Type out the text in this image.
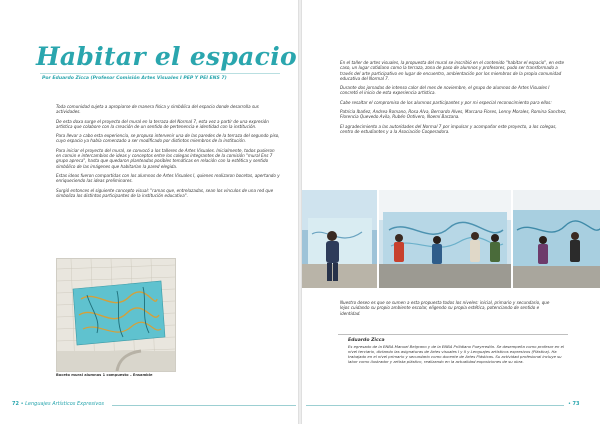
Habitar el espacio
Por Eduardo Zicca (Profesor Comisión Artes Visuales I PEP Y PEI ENS 7)

Toda comunidad sujeta a apropiarse de manera física y simbólica del espacio donde desarrolla sus actividades.

De esta doxa surge el proyecto del mural en la terraza del Normal 7, esta vez a partir de una expresión artística que colabore con la creación de un sentido de pertenencia e identidad con la institución.

Para llevar a cabo esta experiencia, se propuso intervenir una de las paredes de la terraza del segundo piso, cuyo espacio ya había comenzado a ser modificado por distintos miembros de la institución.

Para iniciar el proyecto del mural, se convocó a los talleres de Artes Visuales. Inicialmente, todos pusieron en común e intercambios de ideas y conceptos entre los colegas integrantes de la comisión "mural Ens 7 grupo apreca", hasta que quedaron planteadas posibles temáticas en relación con la estética y sentido simbólico de las imágenes que habitarían la pared elegida.

Estas ideas fueron compartidas con los alumnos de Artes Visuales I, quienes realizaron bocetos, apertando y enriqueciendo las ideas preliminares.

Surgió entonces el siguiente concepto visual: "ramas que, entrelazadas, sean los vínculos de una red que simboliza los distintos participantes de la institución educativa".

Boceto mural alumnos 1 compuesto – Ensamble

En el taller de artes visuales, la propuesta del mural se inscribió en el contenido "habitar el espacio", en este caso, un lugar cotidiano como la terraza, zona de paso de alumnos y profesores, pudo ser transformado a través del arte participativo en lugar de encuentro, ambientación por los miembros de la propia comunidad educativa del Normal 7.

Durante dos jornadas de intenso calor del mes de noviembre, el grupo de alumnos de Artes Visuales I concretó el inicio de esta experiencia artística.

Cabe resaltar el compromiso de los alumnos participantes y por mi especial reconocimiento para ellos:

Patricia Ibañez, Andrea Romano, Rosa Alva, Bernardo Alves, Marcana Flores, Lenny Morales, Romina Sanchez, Florencia Quevedo Avila, Rubén Ontivero, Noemí Barzana.

El agradecimiento a las autoridades del Normal 7 por impulsar y acompañar este proyecto, a los colegas, centro de estudiantes y a la Asociación Cooperadora.

Nuestro deseo es que se sumen a esta propuesta todos los niveles: inicial, primario y secundario, que lejos cuidando su propio ambiente escolar, eligendo su propia estética, potenciando de sentido e identidad.

Eduardo Zicca
Es egresado de la ENBA Manuel Belgrano y de la ENBA Prilidiano Pueyrredón. Se desempeña como profesor en el nivel terciario, dictando las asignaturas de Artes visuales I y II y Lenguajes artísticos expresivos (Plástica). Ha trabajado en el nivel primario y secundario como docente de Artes Plásticas. Su actividad profesional incluye su labor como ilustrador y artista plástico, realizando en la actualidad exposiciones de su obra.
72 • Lenguajes Artísticos Expresivos	• 73
